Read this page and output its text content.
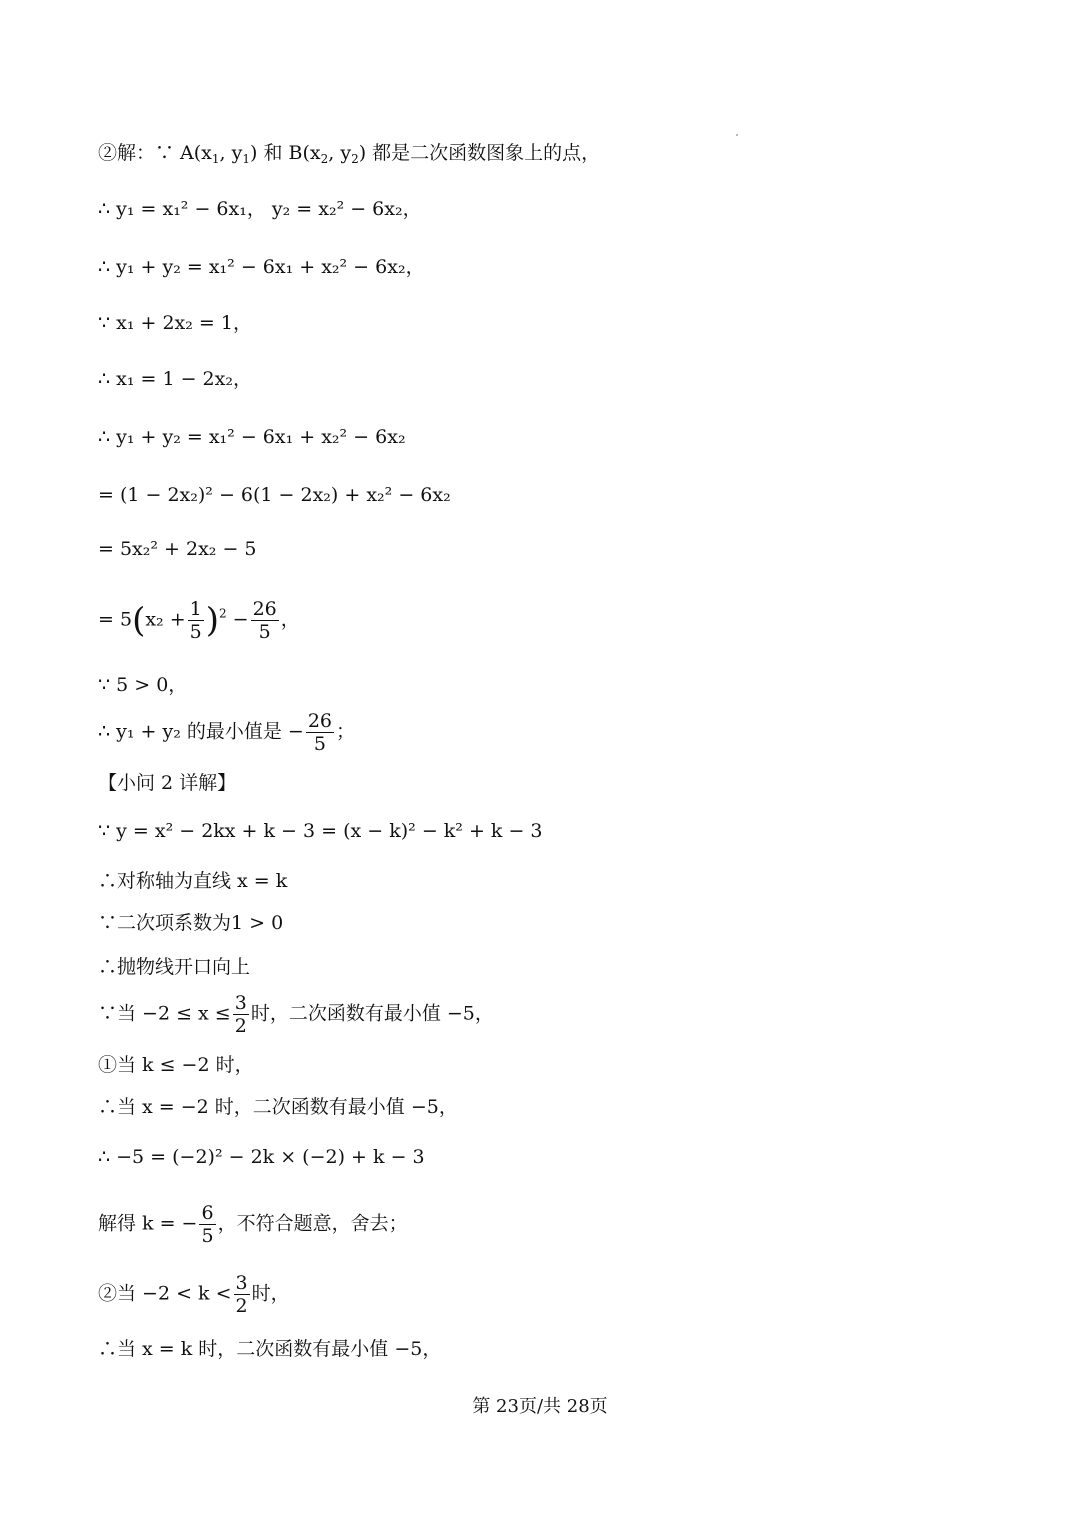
②解：∵ $A(x_1$, $y_1$) 和 $B(x_2$, $y_2$) 都是二次函数图象上的点，
∴ y₁ = x₁² − 6x₁， y₂ = x₂² − 6x₂，
∴ y₁ + y₂ = x₁² − 6x₁ + x₂² − 6x₂，
∵ x₁ + 2x₂ = 1，
∴ x₁ = 1 − 2x₂，
∴ y₁ + y₂ = x₁² − 6x₁ + x₂² − 6x₂
= (1 − 2x₂)² − 6(1 − 2x₂) + x₂² − 6x₂
= 5x₂² + 2x₂ − 5
= $5(x_2 + \frac{1}{5} )^2 - \frac{26}{5}$ ，
∵ 5 > 0，
∴ y₁ + y₂ 的最小值是 − $\frac{26}{5}$ ；
【小问 2 详解】
∵ y = x² − 2kx + k − 3 = (x − k)² − k² + k − 3
∴对称轴为直线 x = k
∵二次项系数为1 > 0
∴抛物线开口向上
∵当 $-2 \le x \le \frac{3}{2}$ 时，二次函数有最小值 −5，
①当 k ≤ −2 时，
∴当 x = −2 时，二次函数有最小值 −5，
∴ −5 = (−2)² − 2k × (−2) + k − 3
解得 k = − $\frac{6}{5}$ ，不符合题意，舍去；
②当 $-2 < k < \frac{3}{2}$ 时，
∴当 x = k 时，二次函数有最小值 −5，
第 23页/共 28页
